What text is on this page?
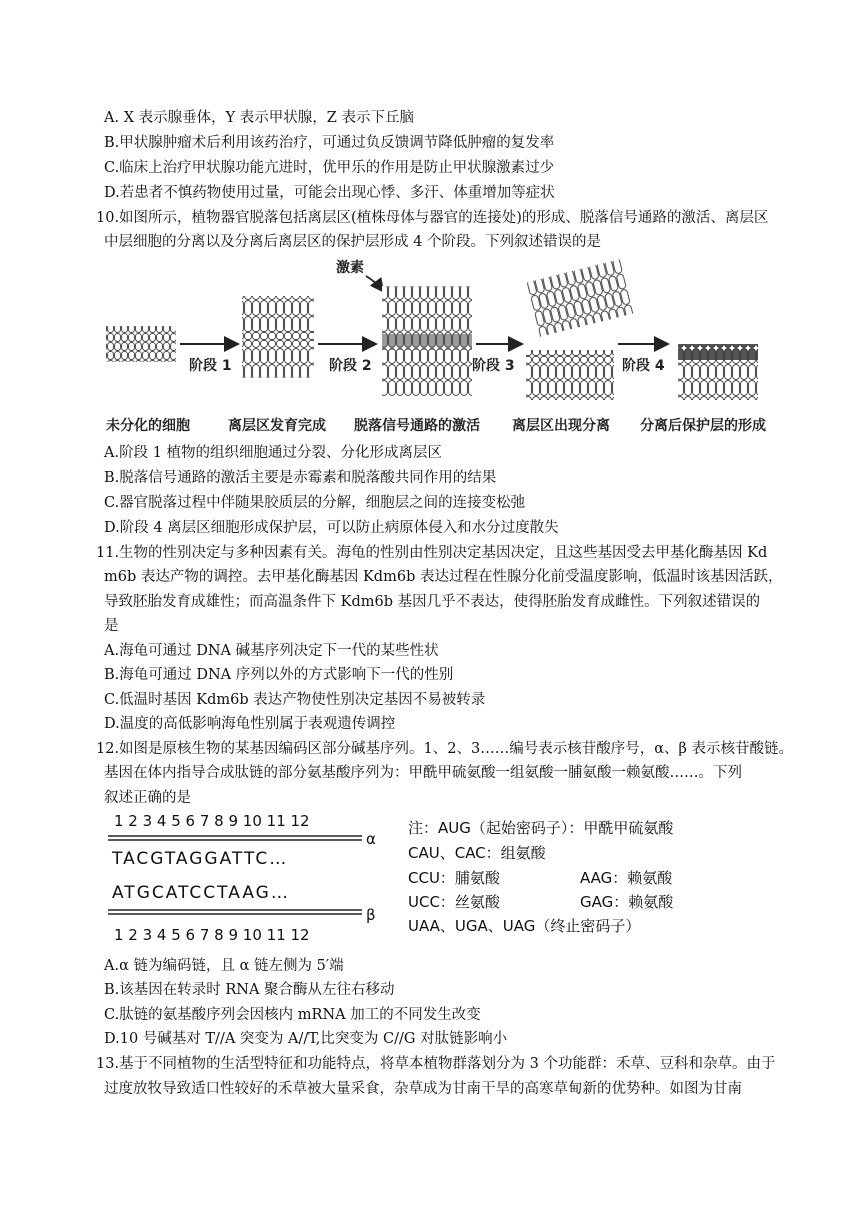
A. X 表示腺垂体，Y 表示甲状腺，Z 表示下丘脑
B.甲状腺肿瘤术后利用该药治疗，可通过负反馈调节降低肿瘤的复发率
C.临床上治疗甲状腺功能亢进时，优甲乐的作用是防止甲状腺激素过少
D.若患者不慎药物使用过量，可能会出现心悸、多汗、体重增加等症状
10.如图所示，植物器官脱落包括离层区(植株母体与器官的连接处)的形成、脱落信号通路的激活、离层区
中层细胞的分离以及分离后离层区的保护层形成 4 个阶段。下列叙述错误的是
阶段 1	阶段 2
激素
阶段 3	阶段 4
未分化的细胞	离层区发育完成 脱落信号通路的激活 离层区出现分离 分离后保护层的形成
A.阶段 1 植物的组织细胞通过分裂、分化形成离层区
B.脱落信号通路的激活主要是赤霉素和脱落酸共同作用的结果
C.器官脱落过程中伴随果胶质层的分解，细胞层之间的连接变松弛
D.阶段 4 离层区细胞形成保护层，可以防止病原体侵入和水分过度散失
11.生物的性别决定与多种因素有关。海龟的性别由性别决定基因决定，且这些基因受去甲基化酶基因 Kd
m6b 表达产物的调控。去甲基化酶基因 Kdm6b 表达过程在性腺分化前受温度影响，低温时该基因活跃，
导致胚胎发育成雄性；而高温条件下 Kdm6b 基因几乎不表达，使得胚胎发育成雌性。下列叙述错误的
是
A.海龟可通过 DNA 碱基序列决定下一代的某些性状
B.海龟可通过 DNA 序列以外的方式影响下一代的性别
C.低温时基因 Kdm6b 表达产物使性别决定基因不易被转录
D.温度的高低影响海龟性别属于表观遗传调控
12.如图是原核生物的某基因编码区部分碱基序列。1、2、3……编号表示核苷酸序号，α、β 表示核苷酸链。
基因在体内指导合成肽链的部分氨基酸序列为：甲酰甲硫氨酸一组氨酸一脯氨酸一赖氨酸……。下列
叙述正确的是
1 2 3 4 5 6 7 8 9 10 11 12
α
TACGTAGGATTC…
ATGCATCCTAAG…
β
1 2 3 4 5 6 7 8 9 10 11 12
注：AUG（起始密码子）：甲酰甲硫氨酸
CAU、CAC：组氨酸
CCU：脯氨酸	AAG：赖氨酸
UCC：丝氨酸	GAG：赖氨酸
UAA、UGA、UAG（终止密码子）
A.α 链为编码链，且 α 链左侧为 5′端
B.该基因在转录时 RNA 聚合酶从左往右移动
C.肽链的氨基酸序列会因核内 mRNA 加工的不同发生改变
D.10 号碱基对 T//A 突变为 A//T,比突变为 C//G 对肽链影响小
13.基于不同植物的生活型特征和功能特点，将草本植物群落划分为 3 个功能群：禾草、豆科和杂草。由于
过度放牧导致适口性较好的禾草被大量采食，杂草成为甘南干旱的高寒草甸新的优势种。如图为甘南
